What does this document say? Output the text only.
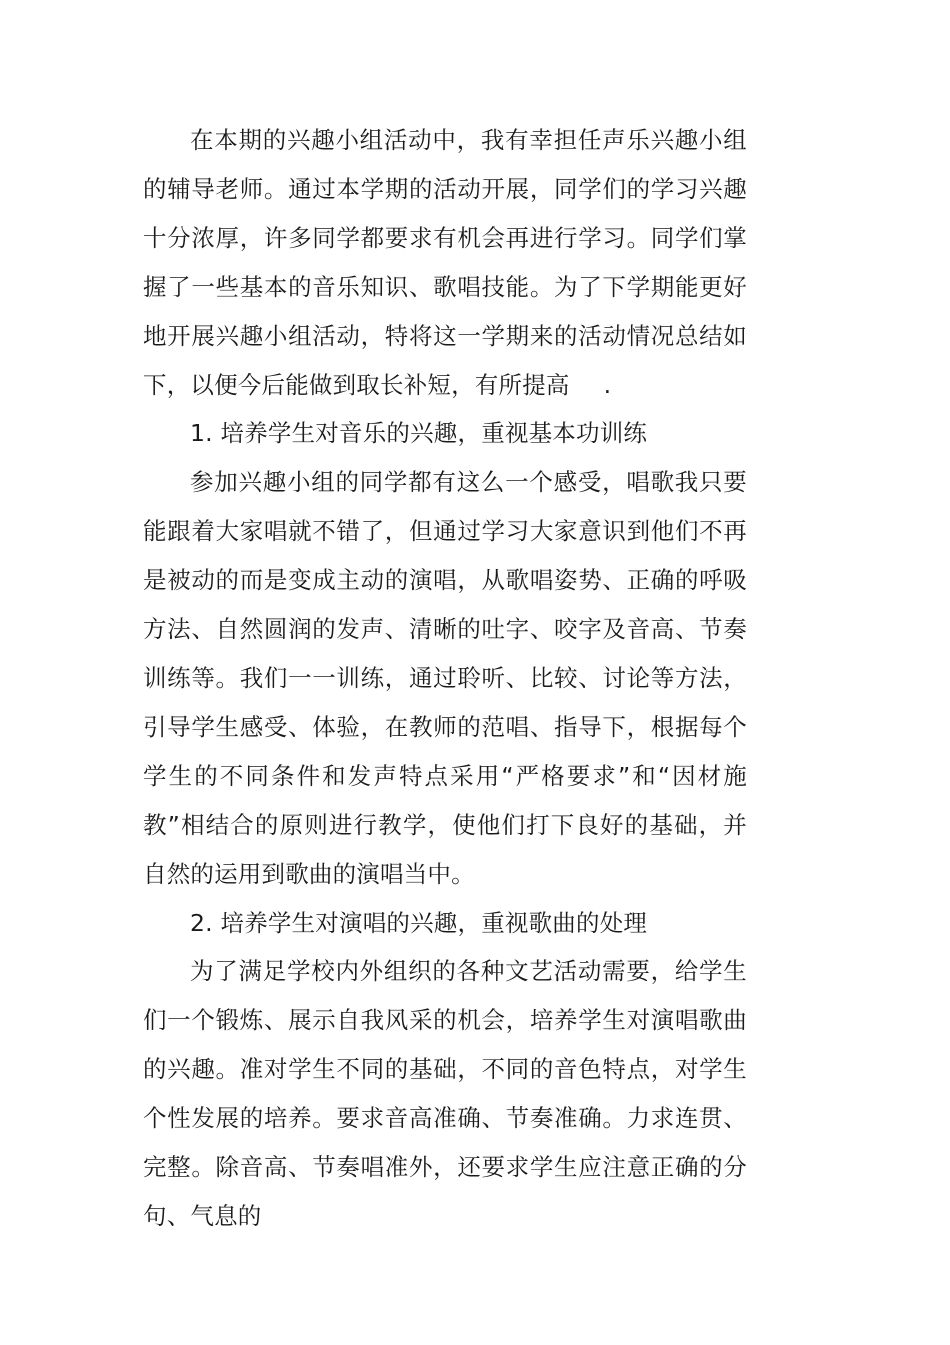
在本期的兴趣小组活动中，我有幸担任声乐兴趣小组的辅导老师。通过本学期的活动开展，同学们的学习兴趣十分浓厚，许多同学都要求有机会再进行学习。同学们掌握了一些基本的音乐知识、歌唱技能。为了下学期能更好地开展兴趣小组活动，特将这一学期来的活动情况总结如下，以便今后能做到取长补短，有所提高 .

1. 培养学生对音乐的兴趣，重视基本功训练

参加兴趣小组的同学都有这么一个感受，唱歌我只要能跟着大家唱就不错了，但通过学习大家意识到他们不再是被动的而是变成主动的演唱，从歌唱姿势、正确的呼吸方法、自然圆润的发声、清晰的吐字、咬字及音高、节奏训练等。我们一一训练，通过聆听、比较、讨论等方法，引导学生感受、体验，在教师的范唱、指导下，根据每个学生的不同条件和发声特点采用“严格要求”和“因材施教”相结合的原则进行教学，使他们打下良好的基础，并自然的运用到歌曲的演唱当中。

2. 培养学生对演唱的兴趣，重视歌曲的处理

为了满足学校内外组织的各种文艺活动需要，给学生们一个锻炼、展示自我风采的机会，培养学生对演唱歌曲的兴趣。准对学生不同的基础，不同的音色特点，对学生个性发展的培养。要求音高准确、节奏准确。力求连贯、完整。除音高、节奏唱准外，还要求学生应注意正确的分句、气息的
